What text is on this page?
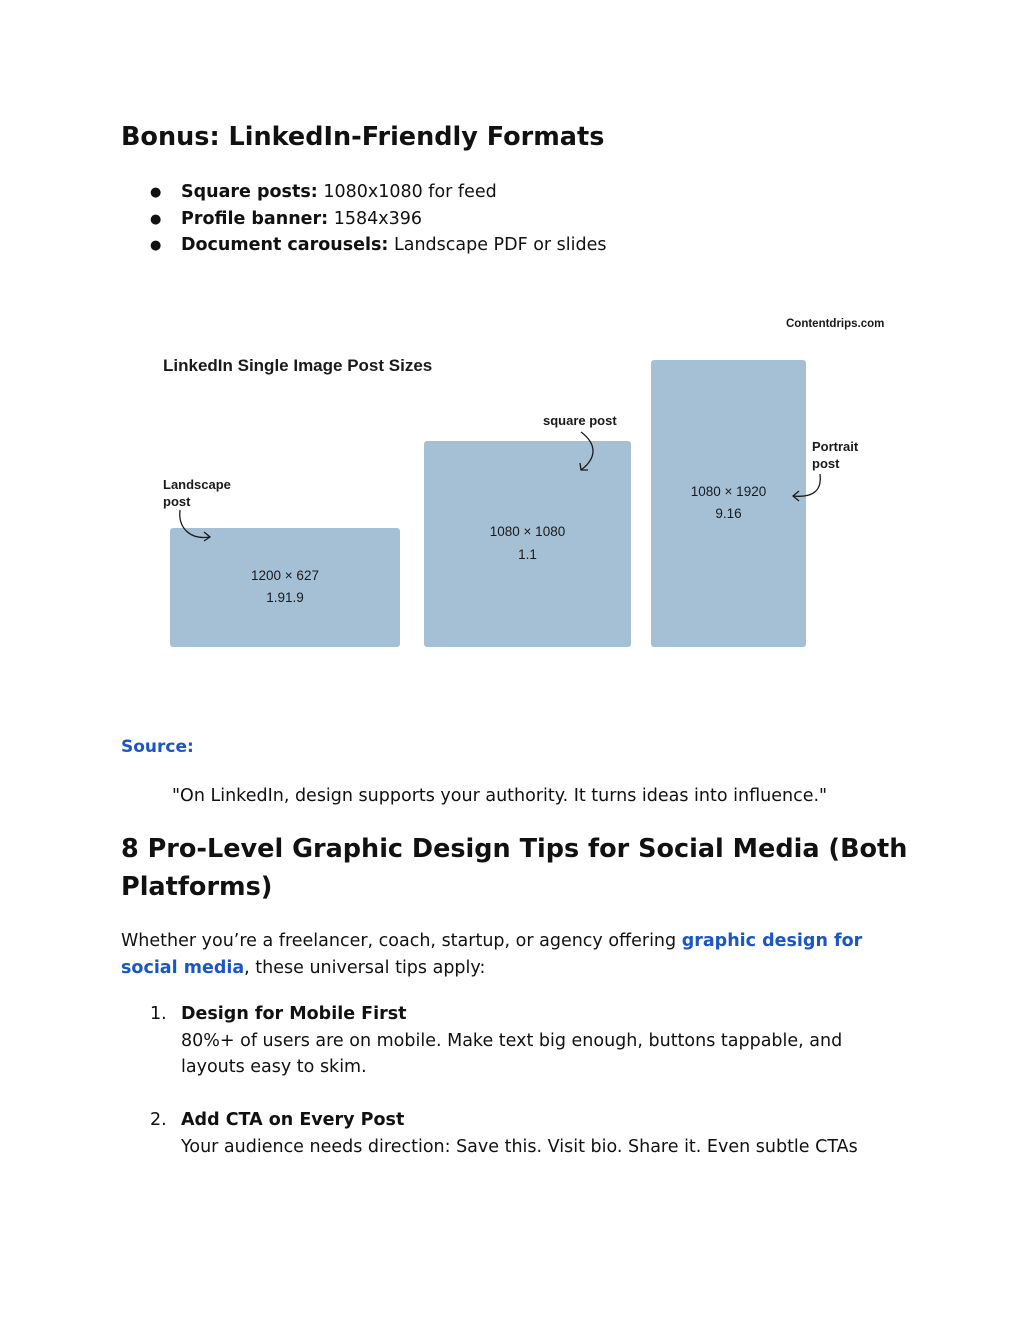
Bonus: LinkedIn-Friendly Formats
● Square posts: 1080x1080 for feed
● Profile banner: 1584x396
● Document carousels: Landscape PDF or slides
Contentdrips.com
LinkedIn Single Image Post Sizes
Landscape post
square post
Portrait post
1200 × 627
1.91.9
1080 × 1080
1.1
1080 × 1920
9.16
Source:
"On LinkedIn, design supports your authority. It turns ideas into influence."
8 Pro-Level Graphic Design Tips for Social Media (Both Platforms)

Whether you’re a freelancer, coach, startup, or agency offering graphic design for social media, these universal tips apply:

1. Design for Mobile First
80%+ of users are on mobile. Make text big enough, buttons tappable, and layouts easy to skim.
2. Add CTA on Every Post
Your audience needs direction: Save this. Visit bio. Share it. Even subtle CTAs
